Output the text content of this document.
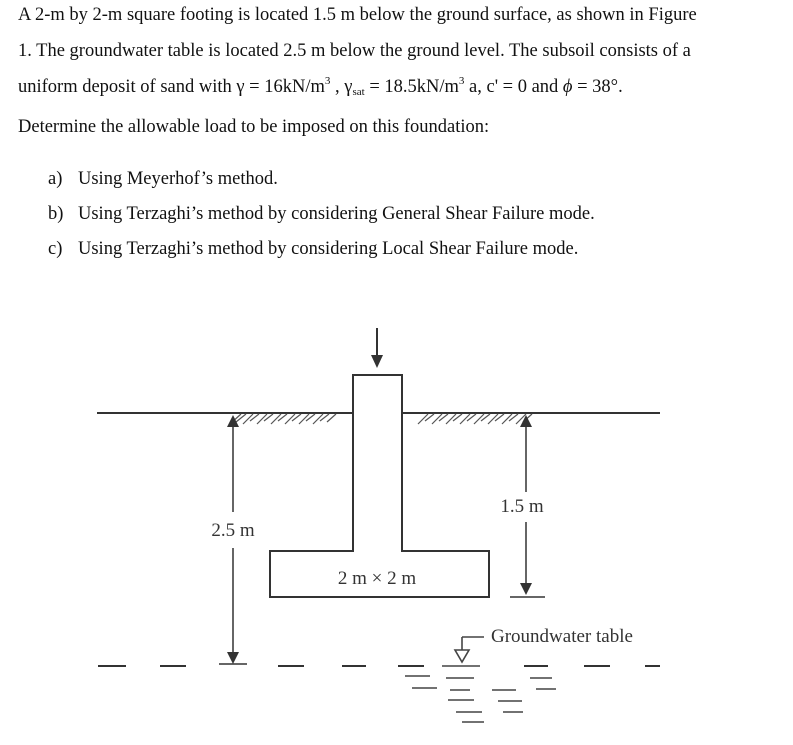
A 2-m by 2-m square footing is located 1.5 m below the ground surface, as shown in Figure
1. The groundwater table is located 2.5 m below the ground level. The subsoil consists of a
uniform deposit of sand with $\gamma = 16kN/m^3$ , $\gamma_{sat} = 18.5kN/m^3$ a, c' = 0 and ϕ = 38°.
Determine the allowable load to be imposed on this foundation:
a) Using Meyerhof’s method.
b) Using Terzaghi’s method by considering General Shear Failure mode.
c) Using Terzaghi’s method by considering Local Shear Failure mode.
2 m × 2 m
2.5 m
1.5 m
Groundwater table
